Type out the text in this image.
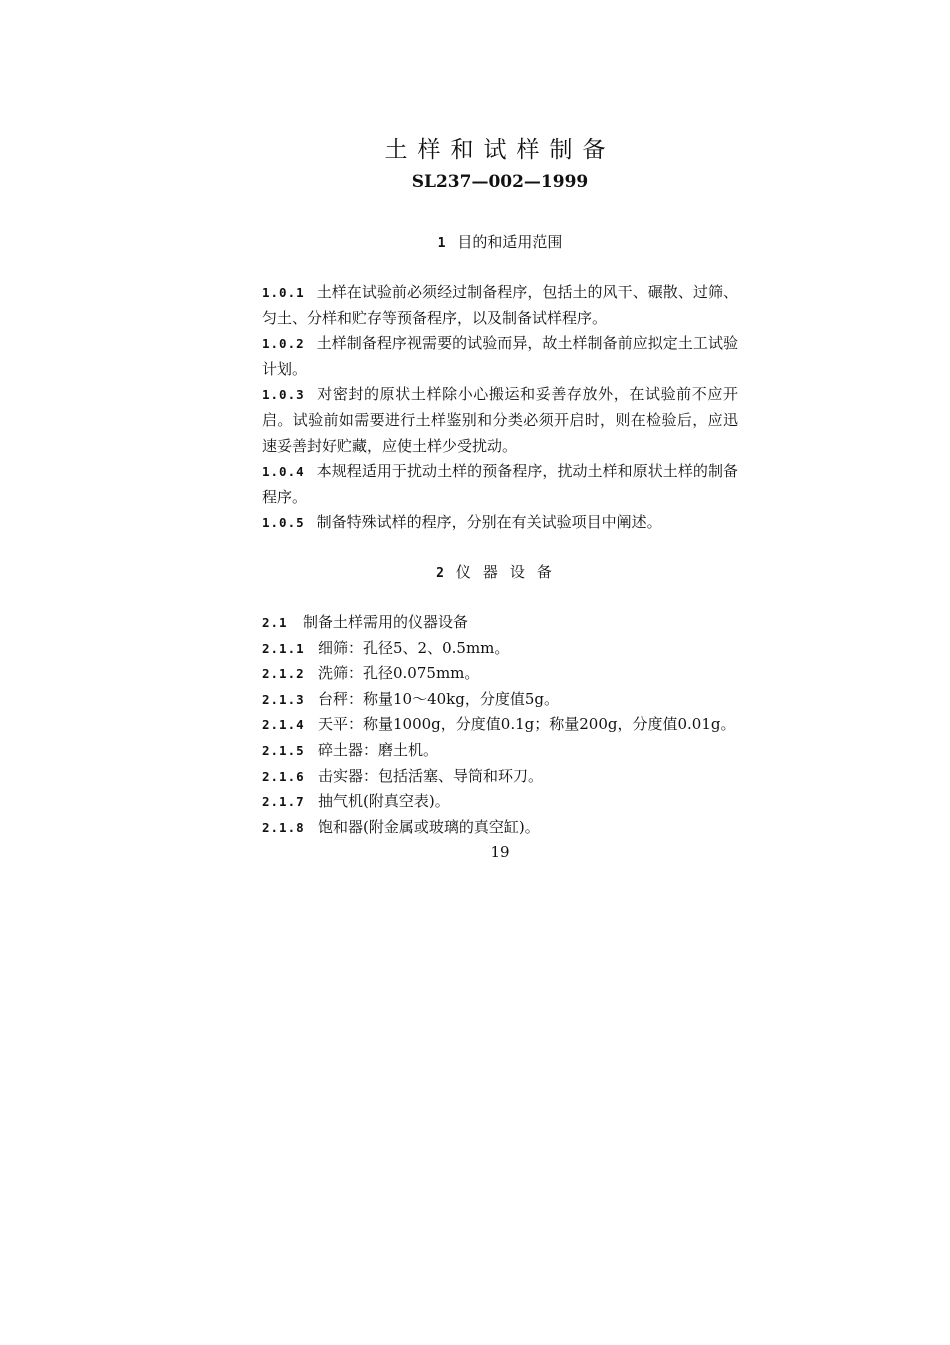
土样和试样制备
SL237—002—1999
1 目的和适用范围

1.0.1 土样在试验前必须经过制备程序，包括土的风干、碾散、过筛、匀土、分样和贮存等预备程序，以及制备试样程序。

1.0.2 土样制备程序视需要的试验而异，故土样制备前应拟定土工试验计划。

1.0.3 对密封的原状土样除小心搬运和妥善存放外，在试验前不应开启。试验前如需要进行土样鉴别和分类必须开启时，则在检验后，应迅速妥善封好贮藏，应使土样少受扰动。

1.0.4 本规程适用于扰动土样的预备程序，扰动土样和原状土样的制备程序。

1.0.5 制备特殊试样的程序，分别在有关试验项目中阐述。

2 仪器设备

2.1 制备土样需用的仪器设备

2.1.1 细筛：孔径5、2、0.5mm。

2.1.2 洗筛：孔径0.075mm。

2.1.3 台秤：称量10～40kg，分度值5g。

2.1.4 天平：称量1000g，分度值0.1g；称量200g，分度值0.01g。

2.1.5 碎土器：磨土机。

2.1.6 击实器：包括活塞、导筒和环刀。

2.1.7 抽气机(附真空表)。

2.1.8 饱和器(附金属或玻璃的真空缸)。

19
